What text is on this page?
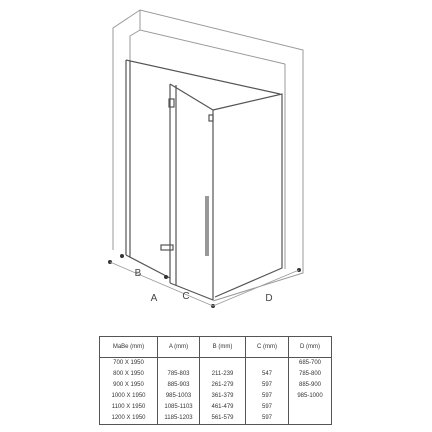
B
A	C	D
MaBe (mm)	A (mm)	B (mm)	C (mm)	D (mm)
700 X 1950				685-700
800 X 1950	785-803	211-239	547	785-800
900 X 1950	885-903	261-279	597	885-900
1000 X 1950	985-1003	361-379	597	985-1000
1100 X 1950	1085-1103	461-479	597	
1200 X 1950	1185-1203	561-579	597	
